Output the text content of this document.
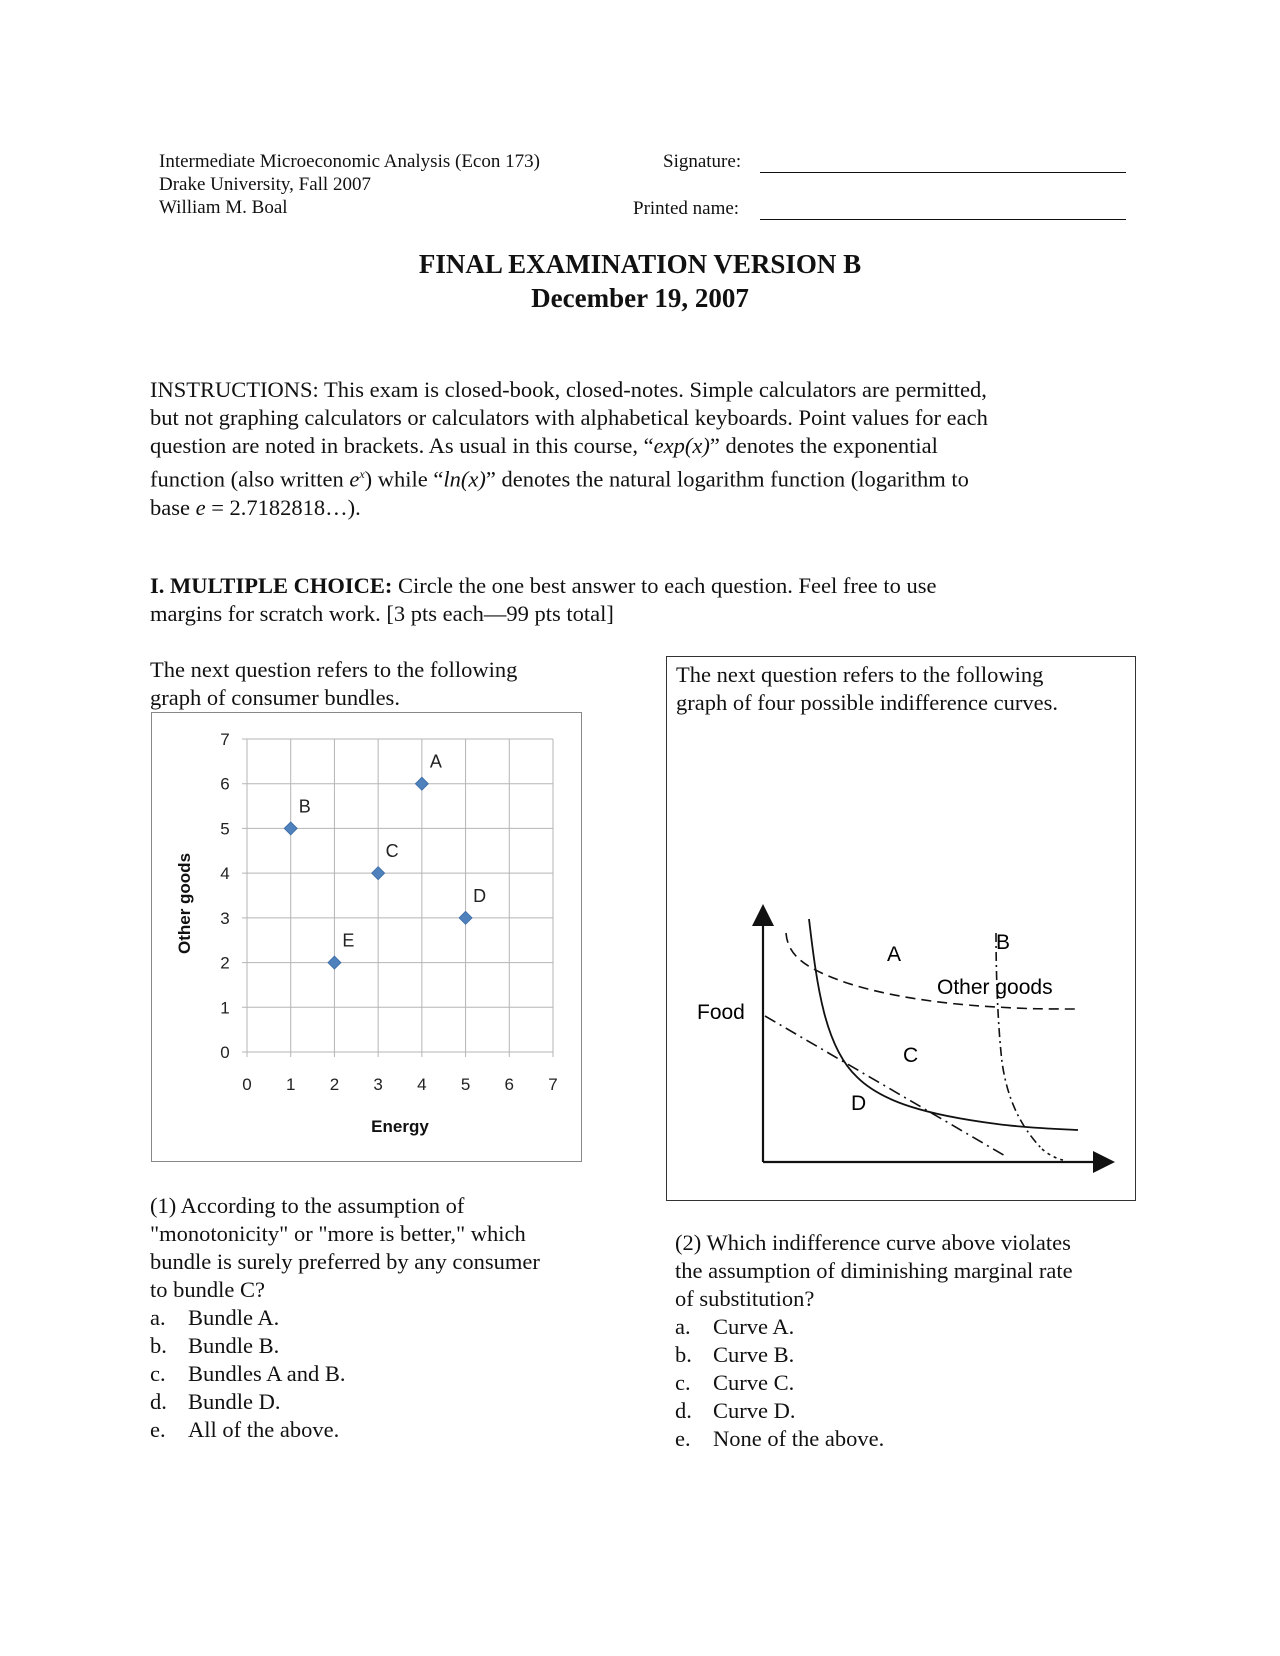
Intermediate Microeconomic Analysis (Econ 173)
Drake University, Fall 2007
William M. Boal
Signature:
Printed name:
FINAL EXAMINATION VERSION B
December 19, 2007
INSTRUCTIONS: This exam is closed-book, closed-notes. Simple calculators are permitted,
but not graphing calculators or calculators with alphabetical keyboards. Point values for each
question are noted in brackets. As usual in this course, “exp(x)” denotes the exponential
function (also written $e^x$) while “ln(x)” denotes the natural logarithm function (logarithm to
base e = 2.7182818…).
I. MULTIPLE CHOICE: Circle the one best answer to each question. Feel free to use
margins for scratch work. [3 pts each—99 pts total]
The next question refers to the following
graph of consumer bundles.
0 1 2 3 4 5 6 7
0
1
2
3
4
5
6
7
Energy
Other goods
A
B
C
D
E
(1) According to the assumption of
"monotonicity" or "more is better," which
bundle is surely preferred by any consumer
to bundle C?
a. Bundle A.
b. Bundle B.
c. Bundles A and B.
d. Bundle D.
e. All of the above.
The next question refers to the following
graph of four possible indifference curves.
Food
Other goods
A
B
C
D
(2) Which indifference curve above violates
the assumption of diminishing marginal rate
of substitution?
a. Curve A.
b. Curve B.
c. Curve C.
d. Curve D.
e. None of the above.
